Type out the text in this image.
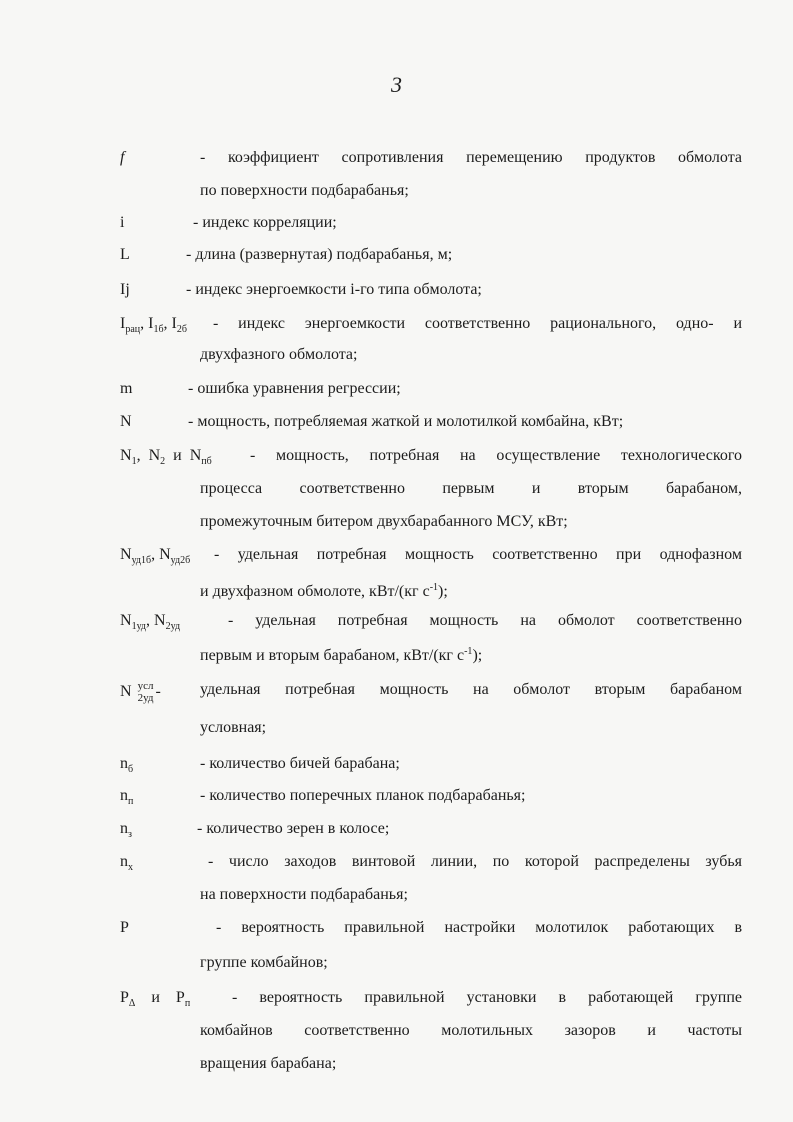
3
f	- коэффициент сопротивления перемещению продуктов обмолота
по поверхности подбарабанья;
i	- индекс корреляции;
L	- длина (развернутая) подбарабанья, м;
Ij	- индекс энергоемкости i-го типа обмолота;
$I_{рац}$, $I_{1б}$, $I_{2б}$	- индекс энергоемкости соответственно рационального, одно- и
двухфазного обмолота;
m	- ошибка уравнения регрессии;
N	- мощность, потребляемая жаткой и молотилкой комбайна, кВт;
$N_1$,  $N_2$ и $N_{пб}$	- мощность, потребная на осуществление технологического
процесса соответственно первым и вторым барабаном,
промежуточным битером двухбарабанного МСУ, кВт;
$N_{уд1б}$, $N_{уд2б}$	- удельная потребная мощность соответственно при однофазном
и двухфазном обмолоте, кВт/(кг $с^{-1}$);
$N_{1уд}$, $N_{2уд}$	- удельная потребная мощность на обмолот соответственно
первым и вторым барабаном, кВт/(кг $с^{-1}$);
N усл
2уд -	удельная потребная мощность на обмолот вторым барабаном
условная;
$n_б$	- количество бичей барабана;
$n_п$	- количество поперечных планок подбарабанья;
$n_з$	- количество зерен в колосе;
$n_х$	- число заходов винтовой линии, по которой распределены зубья
на поверхности подбарабанья;
P	- вероятность правильной настройки молотилок работающих в
группе комбайнов;
$P_\Delta$ и $P_п$	- вероятность правильной установки в работающей группе
комбайнов соответственно молотильных зазоров и частоты
вращения барабана;
